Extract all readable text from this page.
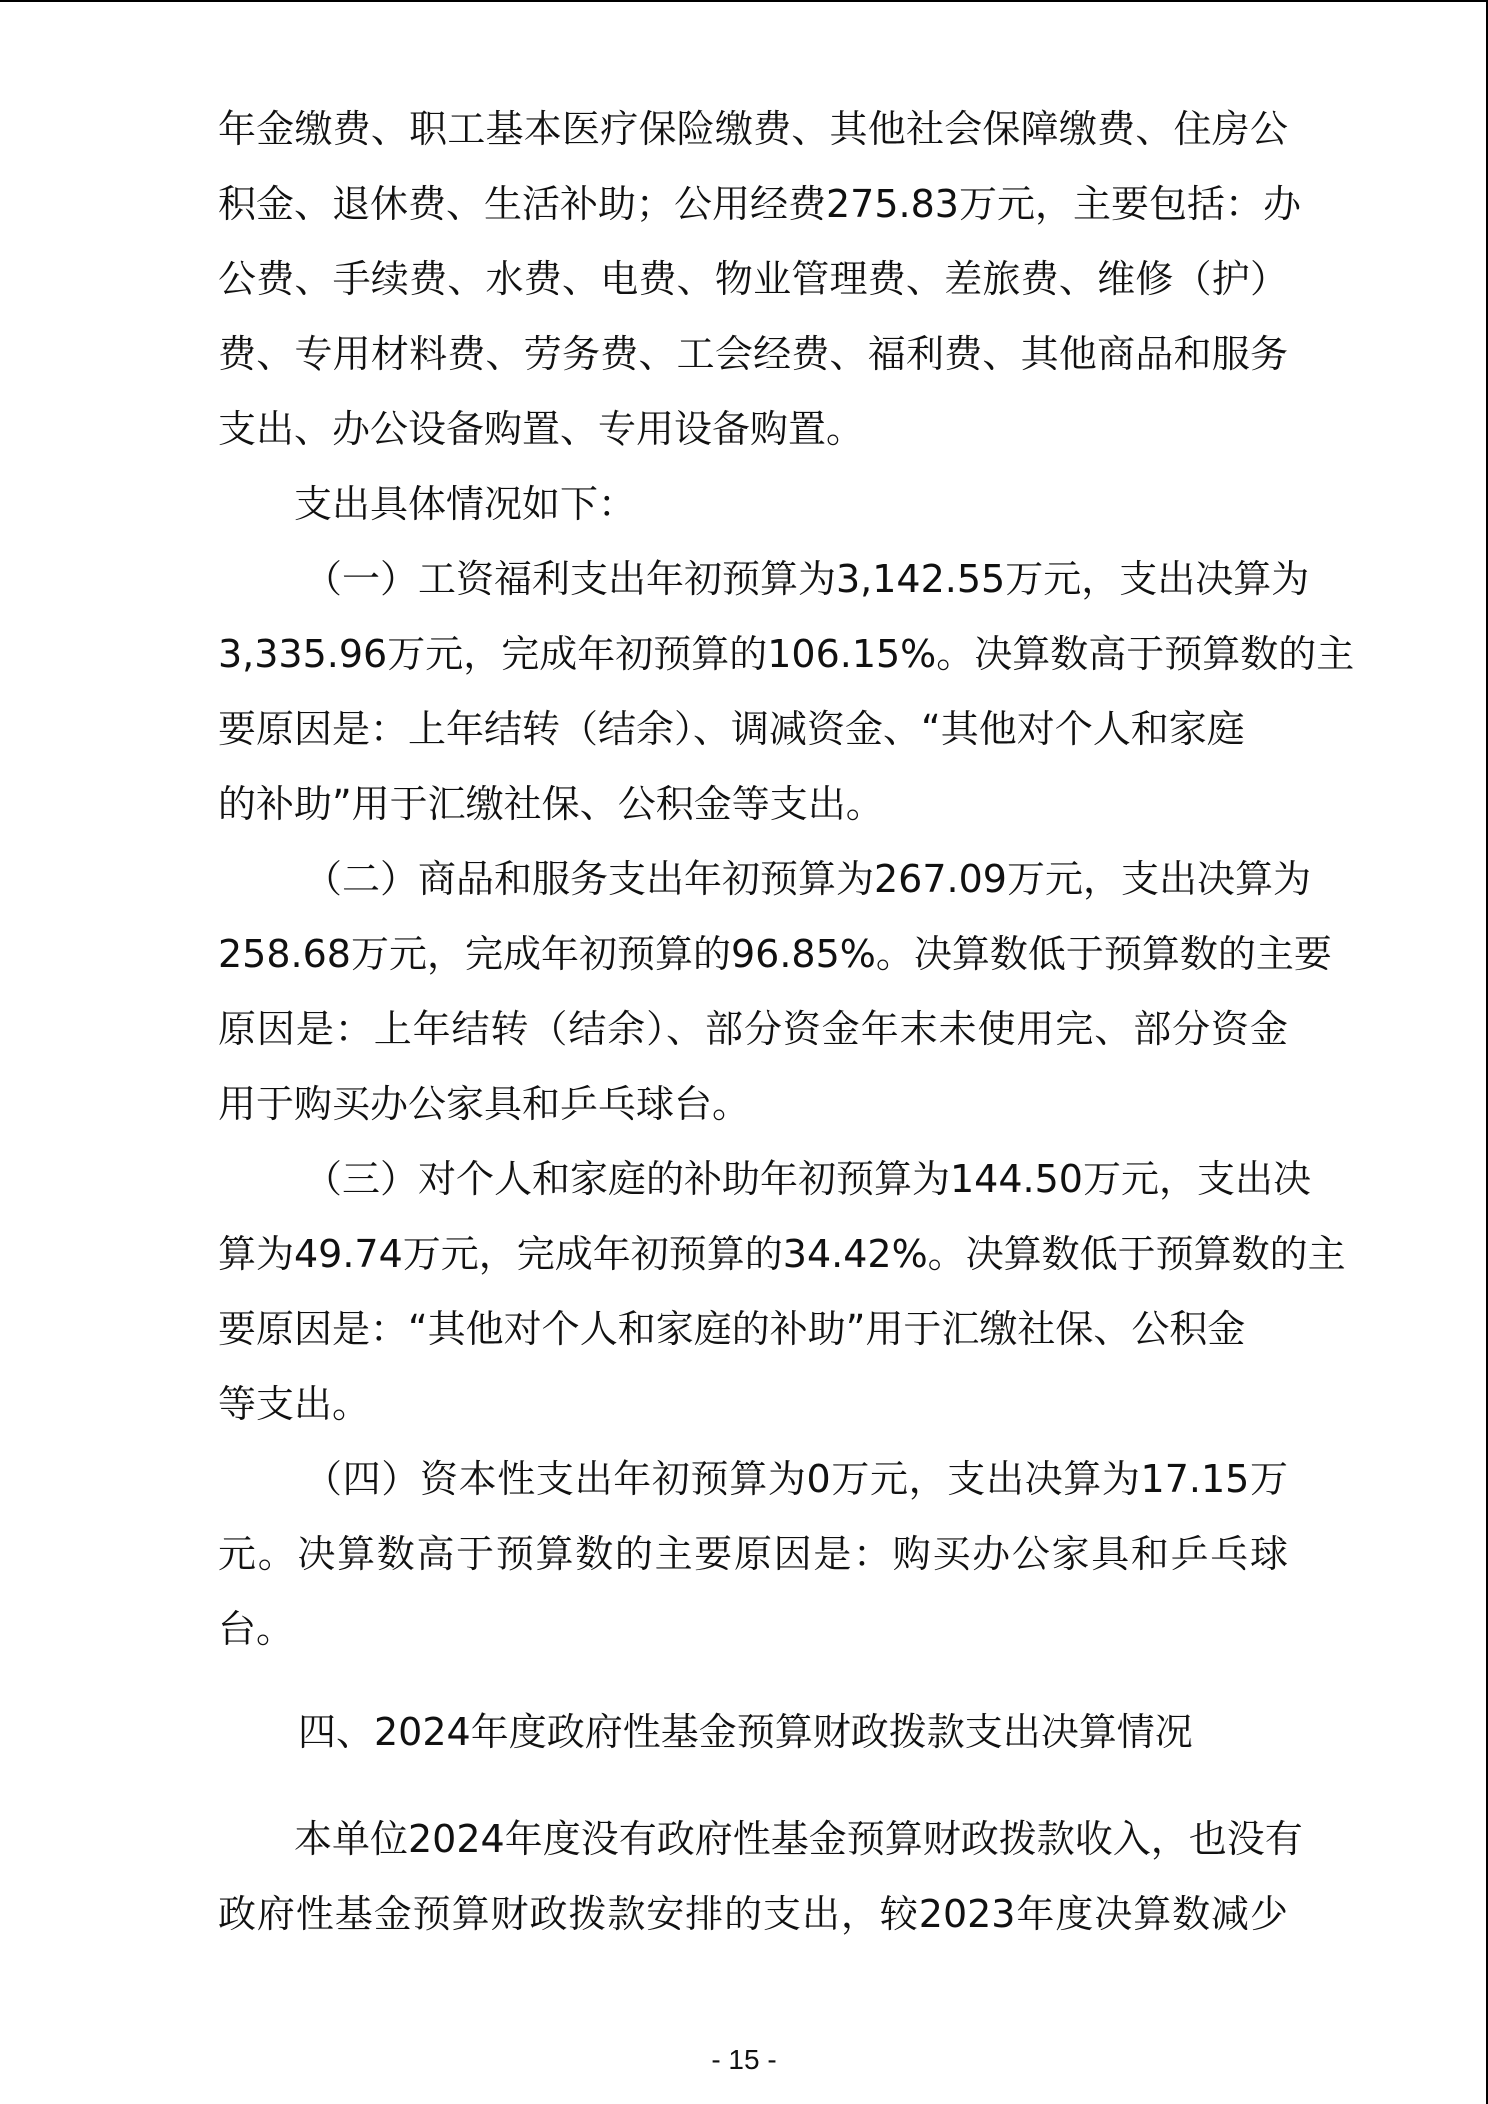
年金缴费、职工基本医疗保险缴费、其他社会保障缴费、住房公
积金、退休费、生活补助；公用经费275.83万元，主要包括：办
公费、手续费、水费、电费、物业管理费、差旅费、维修（护）
费、专用材料费、劳务费、工会经费、福利费、其他商品和服务
支出、办公设备购置、专用设备购置。
支出具体情况如下：
（一）工资福利支出年初预算为3,142.55万元，支出决算为
3,335.96万元，完成年初预算的106.15%。决算数高于预算数的主
要原因是：上年结转（结余）、调减资金、“其他对个人和家庭
的补助”用于汇缴社保、公积金等支出。
（二）商品和服务支出年初预算为267.09万元，支出决算为
258.68万元，完成年初预算的96.85%。决算数低于预算数的主要
原因是：上年结转（结余）、部分资金年末未使用完、部分资金
用于购买办公家具和乒乓球台。
（三）对个人和家庭的补助年初预算为144.50万元，支出决
算为49.74万元，完成年初预算的34.42%。决算数低于预算数的主
要原因是：“其他对个人和家庭的补助”用于汇缴社保、公积金
等支出。
（四）资本性支出年初预算为0万元，支出决算为17.15万
元。决算数高于预算数的主要原因是：购买办公家具和乒乓球
台。
四、2024年度政府性基金预算财政拨款支出决算情况
本单位2024年度没有政府性基金预算财政拨款收入，也没有
政府性基金预算财政拨款安排的支出，较2023年度决算数减少
- 15 -
